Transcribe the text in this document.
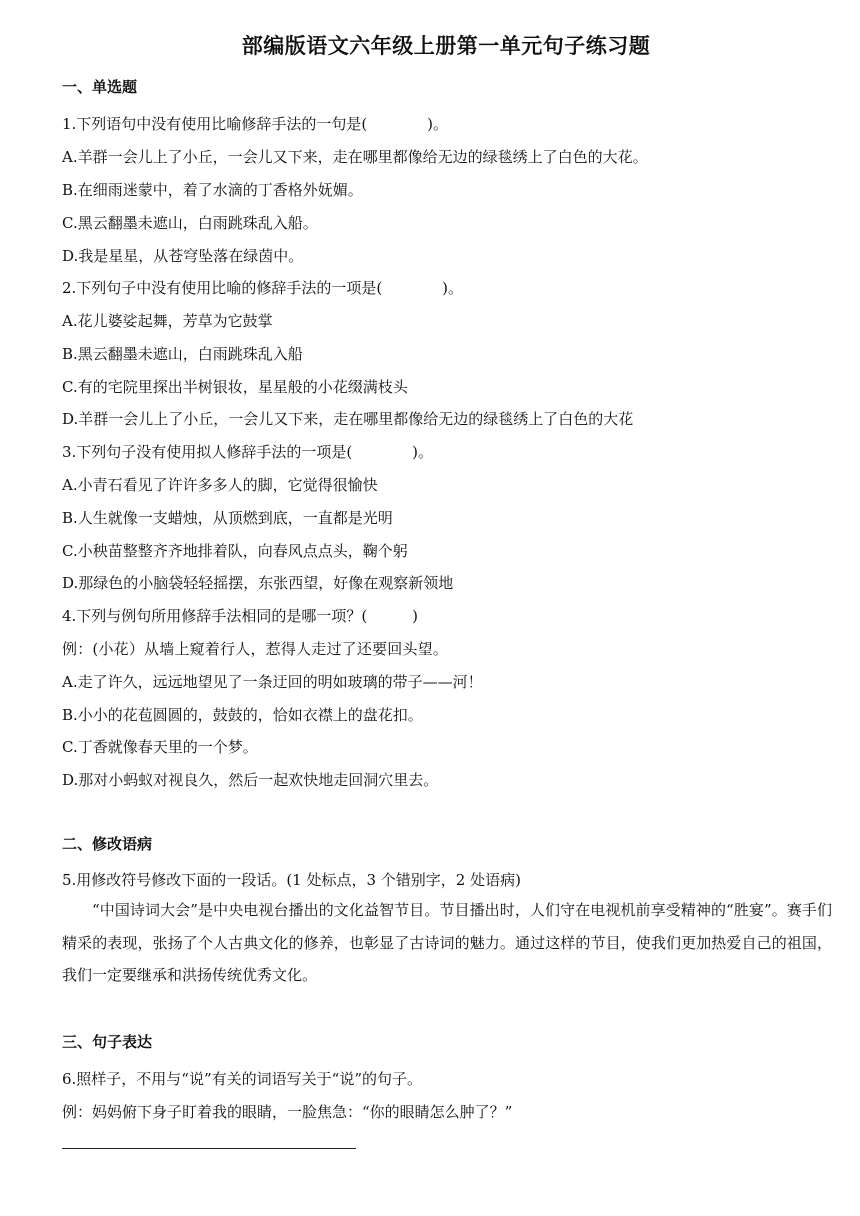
部编版语文六年级上册第一单元句子练习题
一、单选题
1.下列语句中没有使用比喻修辞手法的一句是(　　　　)。
A.羊群一会儿上了小丘，一会儿又下来，走在哪里都像给无边的绿毯绣上了白色的大花。
B.在细雨迷蒙中，着了水滴的丁香格外妩媚。
C.黑云翻墨未遮山，白雨跳珠乱入船。
D.我是星星，从苍穹坠落在绿茵中。
2.下列句子中没有使用比喻的修辞手法的一项是(　　　　)。
A.花儿婆娑起舞，芳草为它鼓掌
B.黑云翻墨未遮山，白雨跳珠乱入船
C.有的宅院里探出半树银妆，星星般的小花缀满枝头
D.羊群一会儿上了小丘，一会儿又下来，走在哪里都像给无边的绿毯绣上了白色的大花
3.下列句子没有使用拟人修辞手法的一项是(　　　　)。
A.小青石看见了许许多多人的脚，它觉得很愉快
B.人生就像一支蜡烛，从顶燃到底，一直都是光明
C.小秧苗整整齐齐地排着队，向春风点点头，鞠个躬
D.那绿色的小脑袋轻轻摇摆，东张西望，好像在观察新领地
4.下列与例句所用修辞手法相同的是哪一项？(　　　)
例：(小花）从墙上窥着行人，惹得人走过了还要回头望。
A.走了许久，远远地望见了一条迂回的明如玻璃的带子——河！
B.小小的花苞圆圆的，鼓鼓的，恰如衣襟上的盘花扣。
C.丁香就像春天里的一个梦。
D.那对小蚂蚁对视良久，然后一起欢快地走回洞穴里去。
二、修改语病
5.用修改符号修改下面的一段话。(1 处标点，3 个错别字，2 处语病)
“中国诗词大会”是中央电视台播出的文化益智节目。节目播出时，人们守在电视机前享受精神的“胜宴”。赛手们精采的表现，张扬了个人古典文化的修养，也彰显了古诗词的魅力。通过这样的节目，使我们更加热爱自己的祖国，我们一定要继承和洪扬传统优秀文化。
三、句子表达
6.照样子，不用与“说”有关的词语写关于“说”的句子。
例：妈妈俯下身子盯着我的眼睛，一脸焦急：“你的眼睛怎么肿了？”
